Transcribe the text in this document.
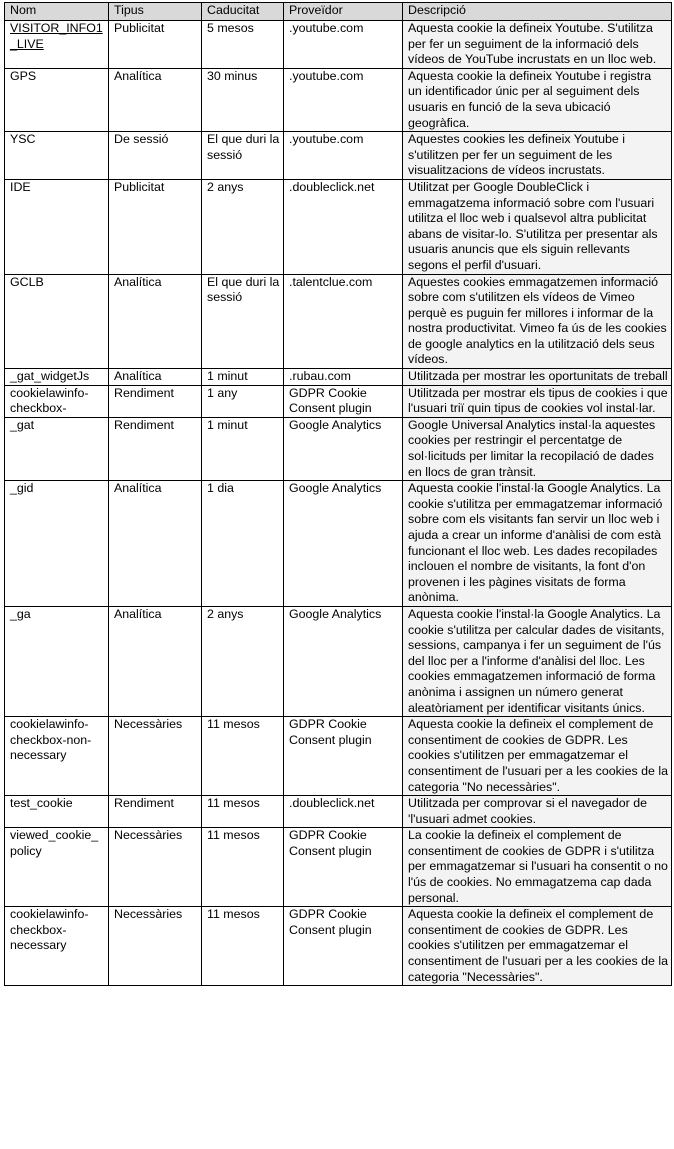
Nom	Tipus	Caducitat	Proveïdor	Descripció
VISITOR_INFO1_LIVE	Publicitat	5 mesos	.youtube.com	Aquesta cookie la defineix Youtube. S'utilitza per fer un seguiment de la informació dels vídeos de YouTube incrustats en un lloc web.
GPS	Analítica	30 minus	.youtube.com	Aquesta cookie la defineix Youtube i registra un identificador únic per al seguiment dels usuaris en funció de la seva ubicació geogràfica.
YSC	De sessió	El que duri la sessió	.youtube.com	Aquestes cookies les defineix Youtube i s'utilitzen per fer un seguiment de les visualitzacions de vídeos incrustats.
IDE	Publicitat	2 anys	.doubleclick.net	Utilitzat per Google DoubleClick i emmagatzema informació sobre com l'usuari utilitza el lloc web i qualsevol altra publicitat abans de visitar-lo. S'utilitza per presentar als usuaris anuncis que els siguin rellevants segons el perfil d'usuari.
GCLB	Analítica	El que duri la sessió	.talentclue.com	Aquestes cookies emmagatzemen informació sobre com s'utilitzen els vídeos de Vimeo perquè es puguin fer millores i informar de la nostra productivitat. Vimeo fa ús de les cookies de google analytics en la utilització dels seus vídeos.
_gat_widgetJs	Analítica	1 minut	.rubau.com	Utilitzada per mostrar les oportunitats de treball
cookielawinfo-checkbox-	Rendiment	1 any	GDPR Cookie Consent plugin	Utilitzada per mostrar els tipus de cookies i que l'usuari triï quin tipus de cookies vol instal·lar.
_gat	Rendiment	1 minut	Google Analytics	Google Universal Analytics instal·la aquestes cookies per restringir el percentatge de sol·licituds per limitar la recopilació de dades en llocs de gran trànsit.
_gid	Analítica	1 dia	Google Analytics	Aquesta cookie l'instal·la Google Analytics. La cookie s'utilitza per emmagatzemar informació sobre com els visitants fan servir un lloc web i ajuda a crear un informe d'anàlisi de com està funcionant el lloc web. Les dades recopilades inclouen el nombre de visitants, la font d'on provenen i les pàgines visitats de forma anònima.
_ga	Analítica	2 anys	Google Analytics	Aquesta cookie l'instal·la Google Analytics. La cookie s'utilitza per calcular dades de visitants, sessions, campanya i fer un seguiment de l'ús del lloc per a l'informe d'anàlisi del lloc. Les cookies emmagatzemen informació de forma anònima i assignen un número generat aleatòriament per identificar visitants únics.
cookielawinfo-checkbox-non-necessary	Necessàries	11 mesos	GDPR Cookie Consent plugin	Aquesta cookie la defineix el complement de consentiment de cookies de GDPR. Les cookies s'utilitzen per emmagatzemar el consentiment de l'usuari per a les cookies de la categoria "No necessàries".
test_cookie	Rendiment	11 mesos	.doubleclick.net	Utilitzada per comprovar si el navegador de 'l'usuari admet cookies.
viewed_cookie_policy	Necessàries	11 mesos	GDPR Cookie Consent plugin	La cookie la defineix el complement de consentiment de cookies de GDPR i s'utilitza per emmagatzemar si l'usuari ha consentit o no l'ús de cookies. No emmagatzema cap dada personal.
cookielawinfo-checkbox-necessary	Necessàries	11 mesos	GDPR Cookie Consent plugin	Aquesta cookie la defineix el complement de consentiment de cookies de GDPR. Les cookies s'utilitzen per emmagatzemar el consentiment de l'usuari per a les cookies de la categoria "Necessàries".
